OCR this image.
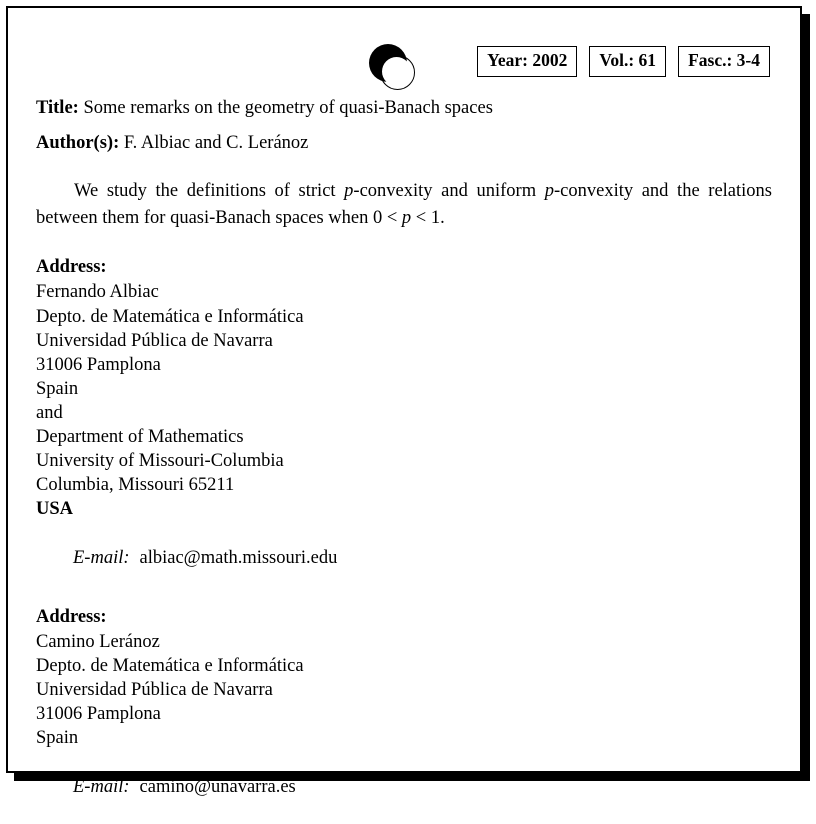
Year: 2002	Vol.: 61	Fasc.: 3-4

Title: Some remarks on the geometry of quasi-Banach spaces

Author(s): F. Albiac and C. Leránoz

We study the definitions of strict p-convexity and uniform p-convexity and the relations between them for quasi-Banach spaces when 0 < p < 1.

Address:
Fernando Albiac
Depto. de Matemática e Informática
Universidad Pública de Navarra
31006 Pamplona
Spain
and
Department of Mathematics
University of Missouri-Columbia
Columbia, Missouri 65211
USA

E-mail: albiac@math.missouri.edu

Address:
Camino Leránoz
Depto. de Matemática e Informática
Universidad Pública de Navarra
31006 Pamplona
Spain

E-mail: camino@unavarra.es
